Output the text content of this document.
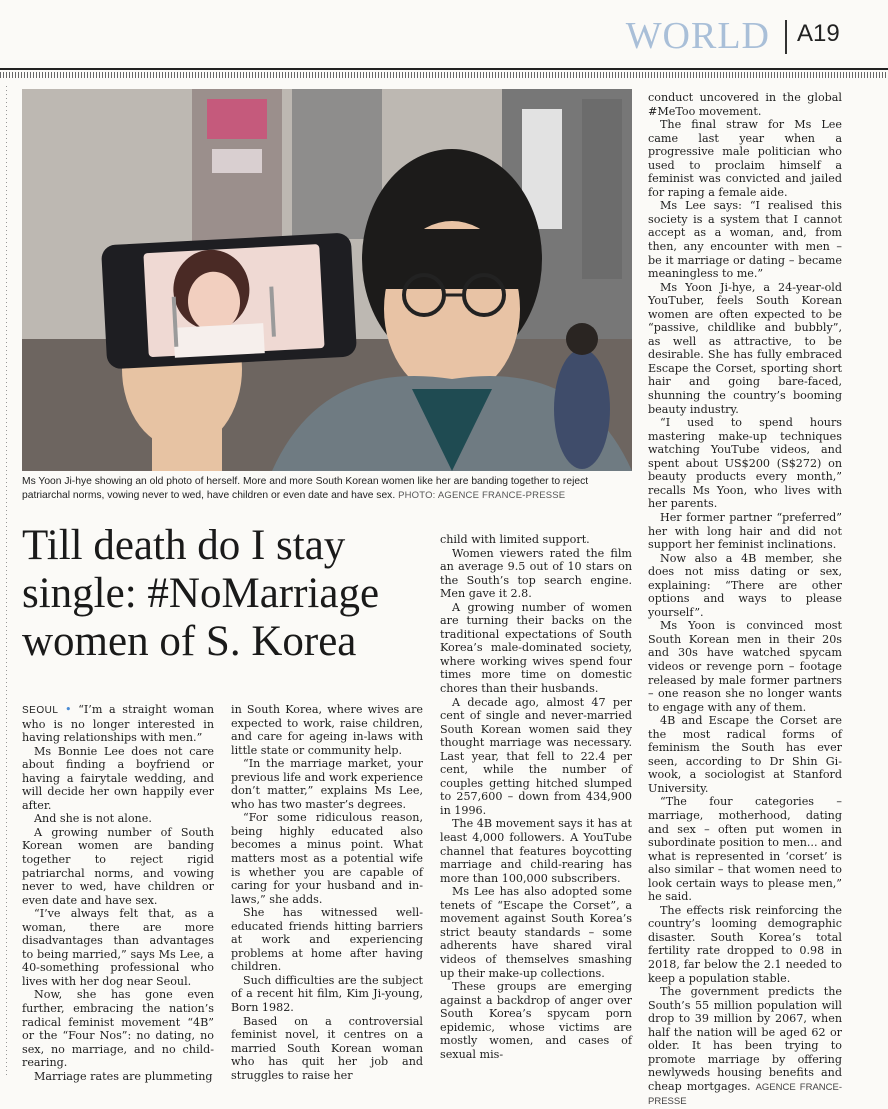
WORLD A19
Ms Yoon Ji-hye showing an old photo of herself. More and more South Korean women like her are banding together to reject patriarchal norms, vowing never to wed, have children or even date and have sex. PHOTO: AGENCE FRANCE-PRESSE
Till death do I stay single: #NoMarriage women of S. Korea

SEOUL • “I’m a straight woman who is no longer interested in having relationships with men.”

Ms Bonnie Lee does not care about finding a boyfriend or having a fairytale wedding, and will decide her own happily ever after.

And she is not alone.

A growing number of South Korean women are banding together to reject rigid patriarchal norms, and vowing never to wed, have children or even date and have sex.

“I’ve always felt that, as a woman, there are more disadvantages than advantages to being married,” says Ms Lee, a 40-something professional who lives with her dog near Seoul.

Now, she has gone even further, embracing the nation’s radical feminist movement “4B” or the “Four Nos”: no dating, no sex, no marriage, and no child-rearing.

Marriage rates are plummeting

in South Korea, where wives are expected to work, raise children, and care for ageing in-laws with little state or community help.

“In the marriage market, your previous life and work experience don’t matter,” explains Ms Lee, who has two master’s degrees.

“For some ridiculous reason, being highly educated also becomes a minus point. What matters most as a potential wife is whether you are capable of caring for your husband and in-laws,” she adds.

She has witnessed well-educated friends hitting barriers at work and experiencing problems at home after having children.

Such difficulties are the subject of a recent hit film, Kim Ji-young, Born 1982.

Based on a controversial feminist novel, it centres on a married South Korean woman who has quit her job and struggles to raise her

child with limited support.

Women viewers rated the film an average 9.5 out of 10 stars on the South’s top search engine. Men gave it 2.8.

A growing number of women are turning their backs on the traditional expectations of South Korea’s male-dominated society, where working wives spend four times more time on domestic chores than their husbands.

A decade ago, almost 47 per cent of single and never-married South Korean women said they thought marriage was necessary. Last year, that fell to 22.4 per cent, while the number of couples getting hitched slumped to 257,600 – down from 434,900 in 1996.

The 4B movement says it has at least 4,000 followers. A YouTube channel that features boycotting marriage and child-rearing has more than 100,000 subscribers.

Ms Lee has also adopted some tenets of “Escape the Corset”, a movement against South Korea’s strict beauty standards – some adherents have shared viral videos of themselves smashing up their make-up collections.

These groups are emerging against a backdrop of anger over South Korea’s spycam porn epidemic, whose victims are mostly women, and cases of sexual mis-

conduct uncovered in the global #MeToo movement.

The final straw for Ms Lee came last year when a progressive male politician who used to proclaim himself a feminist was convicted and jailed for raping a female aide.

Ms Lee says: “I realised this society is a system that I cannot accept as a woman, and, from then, any encounter with men – be it marriage or dating – became meaningless to me.”

Ms Yoon Ji-hye, a 24-year-old YouTuber, feels South Korean women are often expected to be “passive, childlike and bubbly”, as well as attractive, to be desirable. She has fully embraced Escape the Corset, sporting short hair and going bare-faced, shunning the country’s booming beauty industry.

“I used to spend hours mastering make-up techniques watching YouTube videos, and spent about US$200 (S$272) on beauty products every month,” recalls Ms Yoon, who lives with her parents.

Her former partner “preferred” her with long hair and did not support her feminist inclinations.

Now also a 4B member, she does not miss dating or sex, explaining: “There are other options and ways to please yourself”.

Ms Yoon is convinced most South Korean men in their 20s and 30s have watched spycam videos or revenge porn – footage released by male former partners – one reason she no longer wants to engage with any of them.

4B and Escape the Corset are the most radical forms of feminism the South has ever seen, according to Dr Shin Gi-wook, a sociologist at Stanford University.

“The four categories – marriage, motherhood, dating and sex – often put women in subordinate position to men... and what is represented in ‘corset’ is also similar – that women need to look certain ways to please men,” he said.

The effects risk reinforcing the country’s looming demographic disaster. South Korea’s total fertility rate dropped to 0.98 in 2018, far below the 2.1 needed to keep a population stable.

The government predicts the South’s 55 million population will drop to 39 million by 2067, when half the nation will be aged 62 or older. It has been trying to promote marriage by offering newlyweds housing benefits and cheap mortgages. AGENCE FRANCE-PRESSE
